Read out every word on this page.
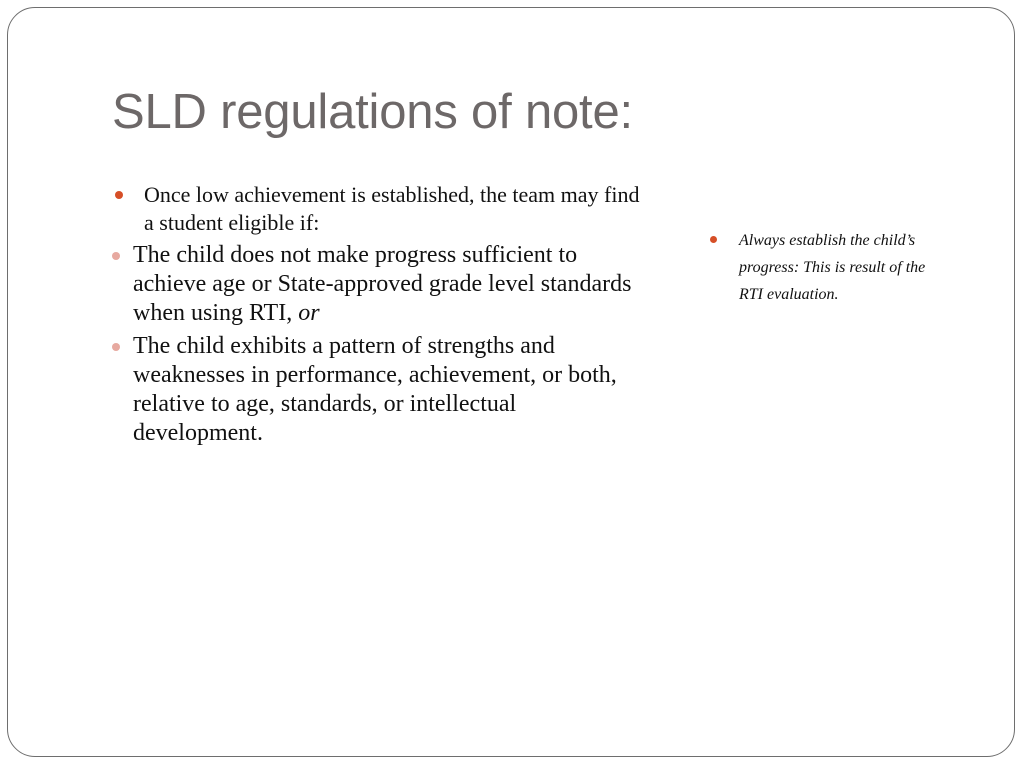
SLD regulations of note:
Once low achievement is established, the team may find a student eligible if:
The child does not make progress sufficient to achieve age or State-approved grade level standards when using RTI, or
The child exhibits a pattern of strengths and weaknesses in performance, achievement, or both, relative to age, standards, or intellectual development.
Always establish the child’s progress: This is result of the RTI evaluation.
